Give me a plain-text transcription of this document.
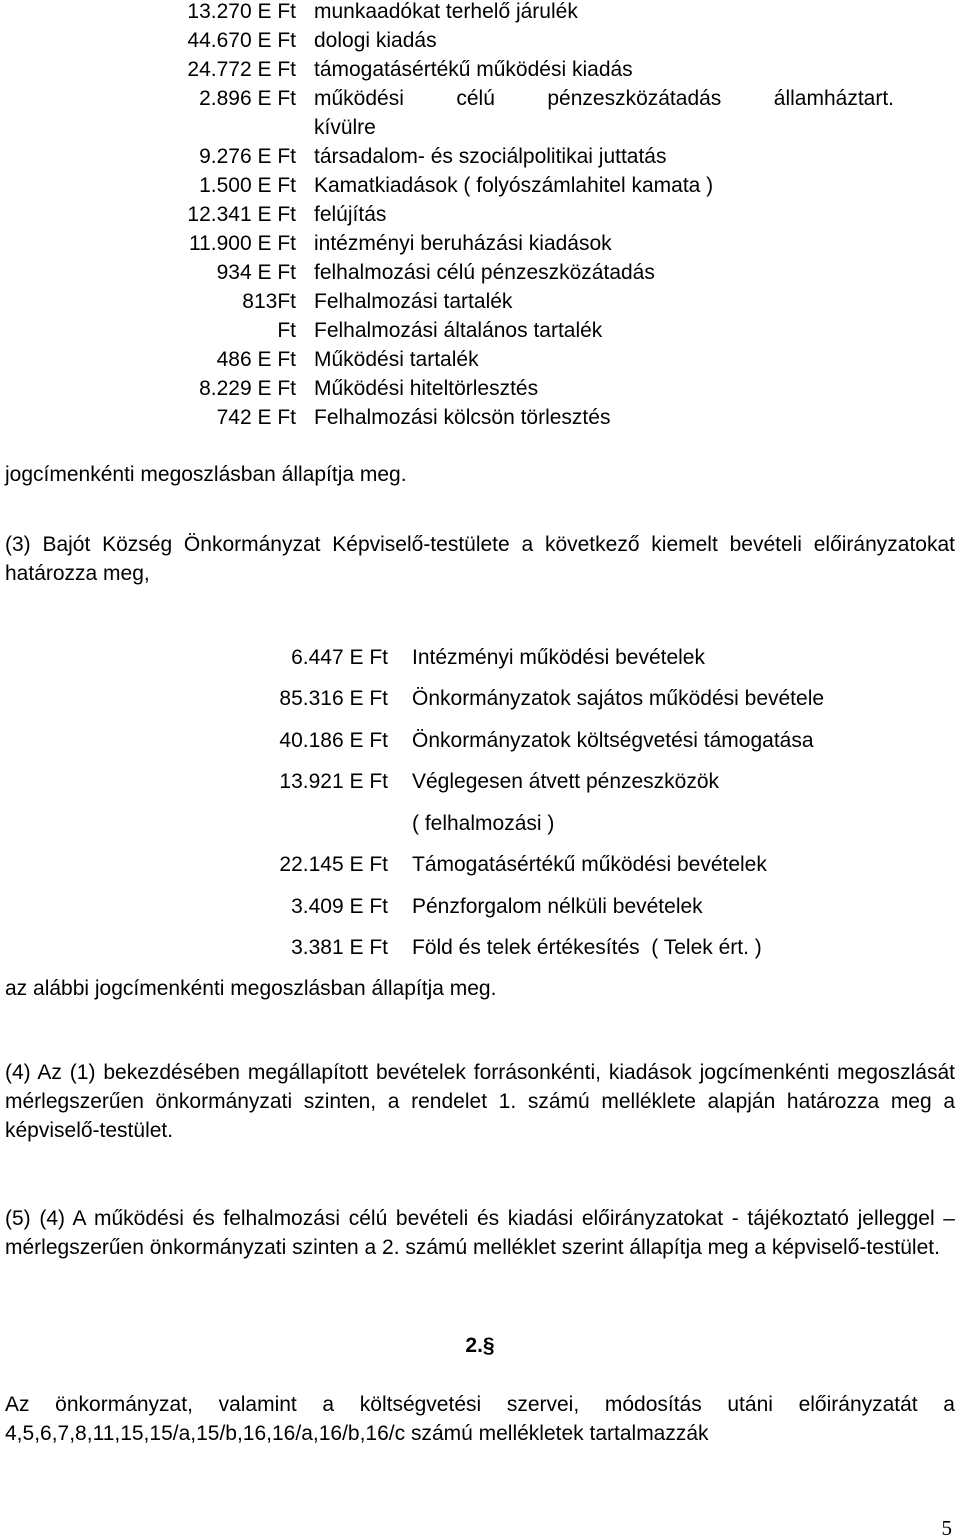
13.270 E Ft munkaadókat terhelő járulék
44.670 E Ft dologi kiadás
24.772 E Ft támogatásértékű működési kiadás
2.896 E Ft működési célú pénzeszközátadás államháztart.
kívülre
9.276 E Ft társadalom- és szociálpolitikai juttatás
1.500 E Ft Kamatkiadások ( folyószámlahitel kamata )
12.341 E Ft felújítás
11.900 E Ft intézményi beruházási kiadások
934 E Ft felhalmozási célú pénzeszközátadás
813Ft Felhalmozási tartalék
Ft Felhalmozási általános tartalék
486 E Ft Működési tartalék
8.229 E Ft Működési hiteltörlesztés
742 E Ft Felhalmozási kölcsön törlesztés
jogcímenkénti megoszlásban állapítja meg.
(3) Bajót Község Önkormányzat Képviselő-testülete a következő kiemelt bevételi előirányzatokat határozza meg,
6.447 E Ft Intézményi működési bevételek
85.316 E Ft Önkormányzatok sajátos működési bevétele
40.186 E Ft Önkormányzatok költségvetési támogatása
13.921 E Ft Véglegesen átvett pénzeszközök
( felhalmozási )
22.145 E Ft Támogatásértékű működési bevételek
3.409 E Ft Pénzforgalom nélküli bevételek
3.381 E Ft Föld és telek értékesítés  ( Telek ért. )
az alábbi jogcímenkénti megoszlásban állapítja meg.
(4) Az (1) bekezdésében megállapított bevételek forrásonkénti, kiadások jogcímenkénti megoszlását mérlegszerűen önkormányzati szinten, a rendelet 1. számú melléklete alapján határozza meg a képviselő-testület.
(5) (4) A működési és felhalmozási célú bevételi és kiadási előirányzatokat - tájékoztató jelleggel – mérlegszerűen önkormányzati szinten a 2. számú melléklet szerint állapítja meg a képviselő-testület.
2.§
Az önkormányzat, valamint a költségvetési szervei, módosítás utáni előirányzatát a 4,5,6,7,8,11,15,15/a,15/b,16,16/a,16/b,16/c számú mellékletek tartalmazzák
5
